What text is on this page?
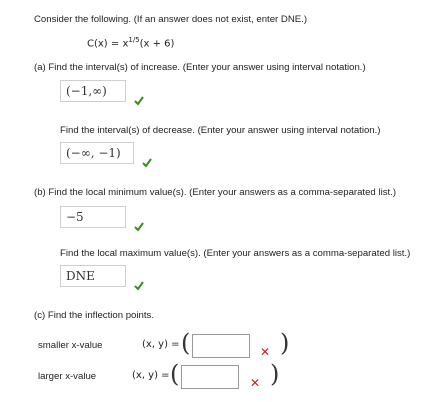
Consider the following. (If an answer does not exist, enter DNE.)
$C(x) = x^{1/5}(x + 6)$
(a) Find the interval(s) of increase. (Enter your answer using interval notation.)
(−1,∞)
Find the interval(s) of decrease. (Enter your answer using interval notation.)
(−∞, −1)
(b) Find the local minimum value(s). (Enter your answers as a comma-separated list.)
−5
Find the local maximum value(s). (Enter your answers as a comma-separated list.)
DNE
(c) Find the inflection points.
smaller x-value	(x, y) = (	✕ )
larger x-value	(x, y) = (	✕ )
